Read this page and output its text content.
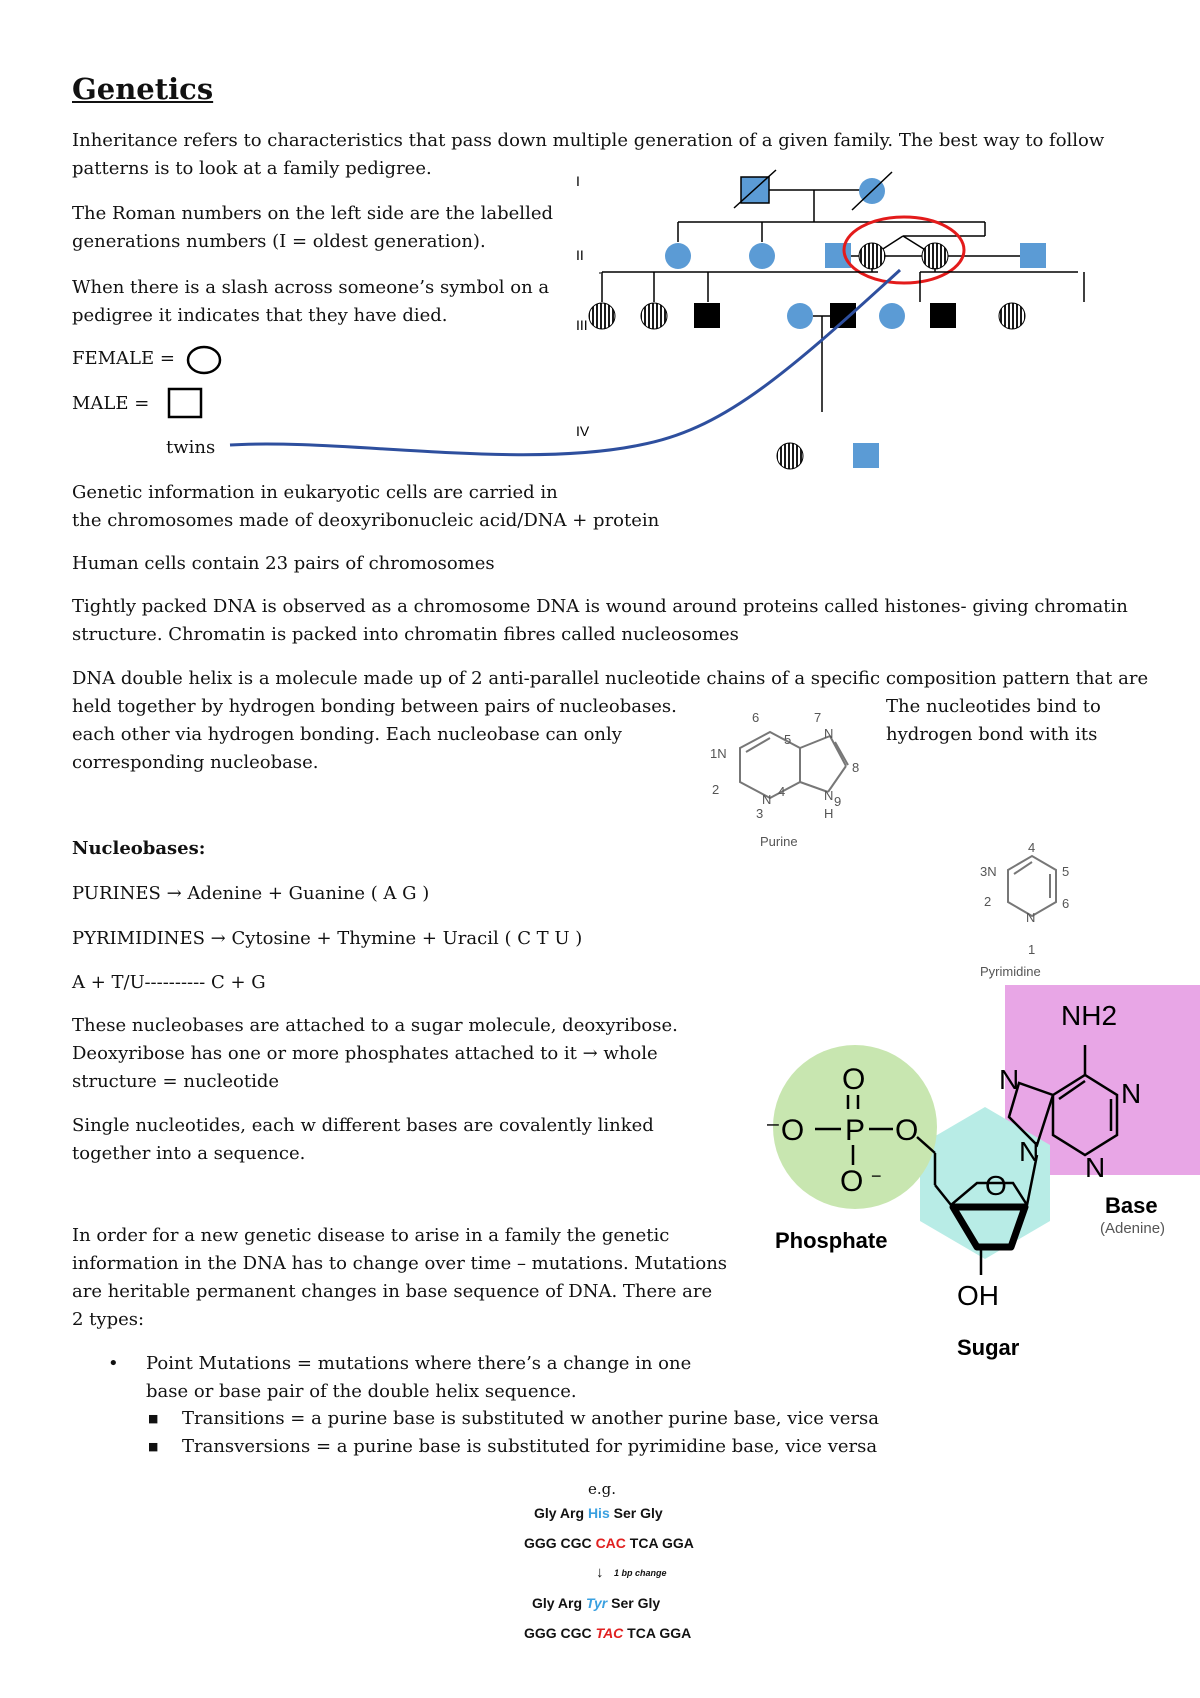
Genetics
Inheritance refers to characteristics that pass down multiple generation of a given family. The best way to follow
patterns is to look at a family pedigree.
The Roman numbers on the left side are the labelled
generations numbers (I = oldest generation).
When there is a slash across someone’s symbol on a
pedigree it indicates that they have died.
FEMALE =
MALE =
twins
I
II
III
IV
Genetic information in eukaryotic cells are carried in
the chromosomes made of deoxyribonucleic acid/DNA + protein
Human cells contain 23 pairs of chromosomes
Tightly packed DNA is observed as a chromosome DNA is wound around proteins called histones- giving chromatin
structure. Chromatin is packed into chromatin fibres called nucleosomes
DNA double helix is a molecule made up of 2 anti-parallel nucleotide chains of a specific composition pattern that are
held together by hydrogen bonding between pairs of nucleobases.	The nucleotides bind to
each other via hydrogen bonding. Each nucleobase can only	hydrogen bond with its
corresponding nucleobase.
6	7
1N
5	N
8
2
N
4	N 9
3	H
Purine	4
3N	5
2	6
N
1
Pyrimidine
Nucleobases:
PURINES → Adenine + Guanine ( A G )
PYRIMIDINES → Cytosine + Thymine + Uracil ( C T U )
A + T/U---------- C + G
These nucleobases are attached to a sugar molecule, deoxyribose.
Deoxyribose has one or more phosphates attached to it → whole
structure = nucleotide
Single nucleotides, each w different bases are covalently linked
together into a sequence.
O
P
O
⁻O	O
−	O
NH2
N	N
N
N
OH
Phosphate
Sugar
Base
(Adenine)
In order for a new genetic disease to arise in a family the genetic
information in the DNA has to change over time – mutations. Mutations
are heritable permanent changes in base sequence of DNA. There are
2 types:
• Point Mutations = mutations where there’s a change in one
base or base pair of the double helix sequence.
■ Transitions = a purine base is substituted w another purine base, vice versa
■ Transversions = a purine base is substituted for pyrimidine base, vice versa
e.g.
Gly Arg His Ser Gly
GGG CGC CAC TCA GGA
↓ 1 bp change
Gly Arg Tyr Ser Gly
GGG CGC TAC TCA GGA
